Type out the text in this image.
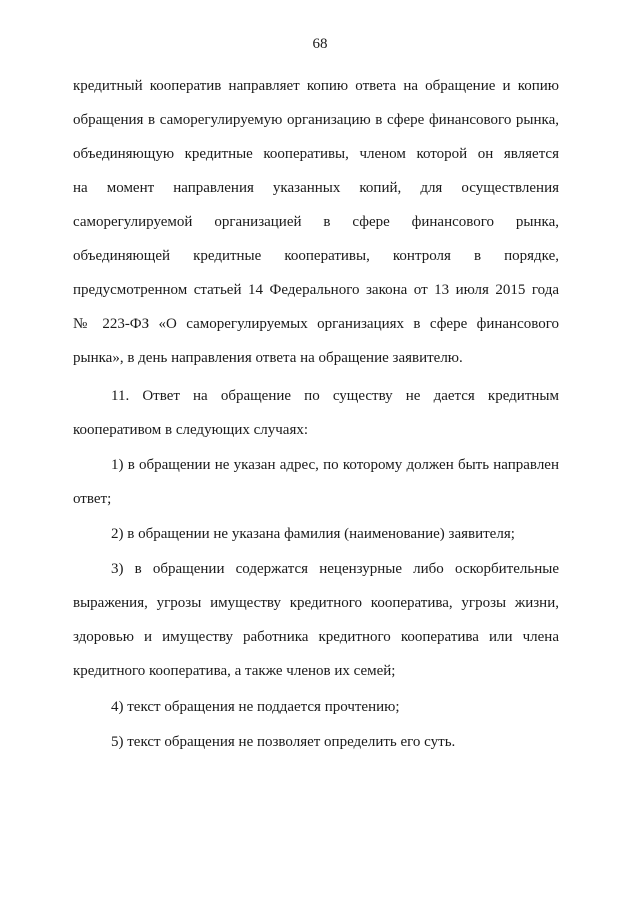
68
кредитный кооператив направляет копию ответа на обращение и копию
обращения в саморегулируемую организацию в сфере финансового рынка,
объединяющую кредитные кооперативы, членом которой он является
на момент направления указанных копий, для осуществления
саморегулируемой организацией в сфере финансового рынка,
объединяющей кредитные кооперативы, контроля в порядке,
предусмотренном статьей 14 Федерального закона от 13 июля 2015 года
№ 223-ФЗ «О саморегулируемых организациях в сфере финансового
рынка», в день направления ответа на обращение заявителю.
11. Ответ на обращение по существу не дается кредитным
кооперативом в следующих случаях:
1) в обращении не указан адрес, по которому должен быть направлен
ответ;
2) в обращении не указана фамилия (наименование) заявителя;
3) в обращении содержатся нецензурные либо оскорбительные
выражения, угрозы имуществу кредитного кооператива, угрозы жизни,
здоровью и имуществу работника кредитного кооператива или члена
кредитного кооператива, а также членов их семей;
4) текст обращения не поддается прочтению;
5) текст обращения не позволяет определить его суть.
